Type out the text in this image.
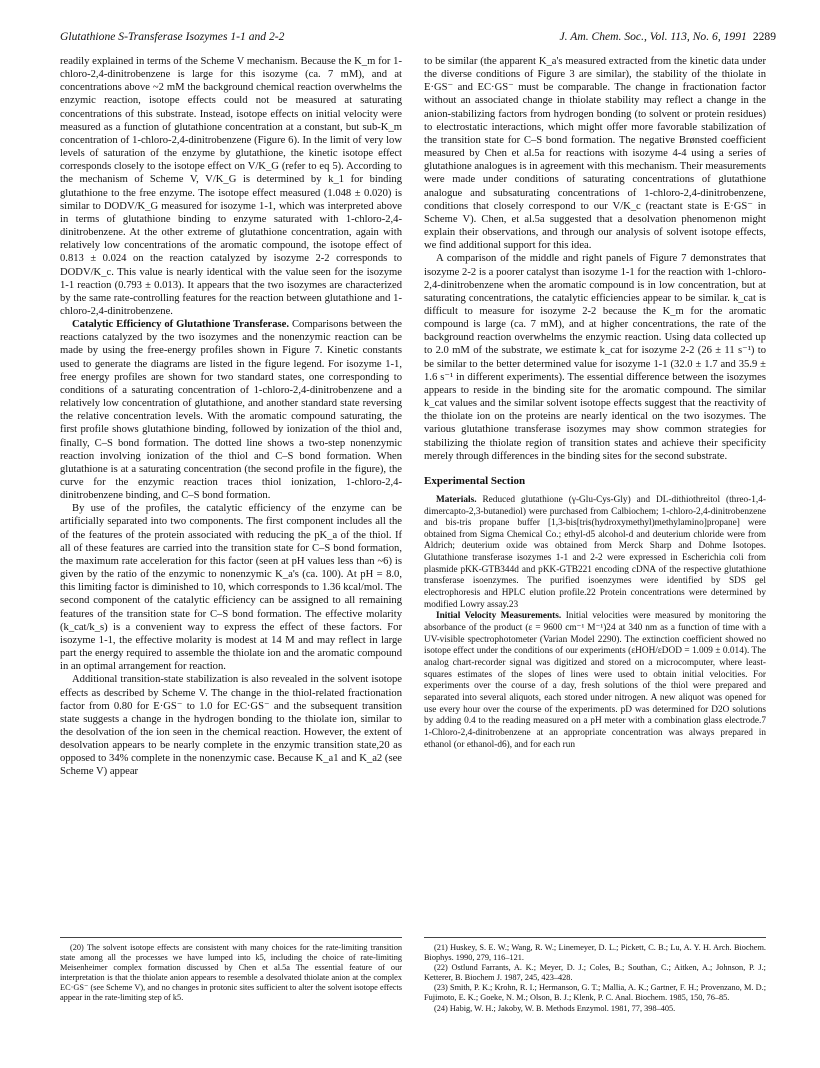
Glutathione S-Transferase Isozymes 1-1 and 2-2	J. Am. Chem. Soc., Vol. 113, No. 6, 1991 2289

readily explained in terms of the Scheme V mechanism. Because the K_m for 1-chloro-2,4-dinitrobenzene is large for this isozyme (ca. 7 mM), and at concentrations above ~2 mM the background chemical reaction overwhelms the enzymic reaction, isotope effects could not be measured at saturating concentrations of this substrate. Instead, isotope effects on initial velocity were measured as a function of glutathione concentration at a constant, but sub-K_m concentration of 1-chloro-2,4-dinitrobenzene (Figure 6). In the limit of very low levels of saturation of the enzyme by glutathione, the kinetic isotope effect corresponds closely to the isotope effect on V/K_G (refer to eq 5). According to the mechanism of Scheme V, V/K_G is determined by k_1 for binding glutathione to the free enzyme. The isotope effect measured (1.048 ± 0.020) is similar to DODV/K_G measured for isozyme 1-1, which was interpreted above in terms of glutathione binding to enzyme saturated with 1-chloro-2,4-dinitrobenzene. At the other extreme of glutathione concentration, again with relatively low concentrations of the aromatic compound, the isotope effect of 0.813 ± 0.024 on the reaction catalyzed by isozyme 2-2 corresponds to DODV/K_c. This value is nearly identical with the value seen for the isozyme 1-1 reaction (0.793 ± 0.013). It appears that the two isozymes are characterized by the same rate-controlling features for the reaction between glutathione and 1-chloro-2,4-dinitrobenzene.

Catalytic Efficiency of Glutathione Transferase. Comparisons between the reactions catalyzed by the two isozymes and the nonenzymic reaction can be made by using the free-energy profiles shown in Figure 7. Kinetic constants used to generate the diagrams are listed in the figure legend. For isozyme 1-1, free energy profiles are shown for two standard states, one corresponding to conditions of a saturating concentration of 1-chloro-2,4-dinitrobenzene and a relatively low concentration of glutathione, and another standard state reversing the relative concentration levels. With the aromatic compound saturating, the first profile shows glutathione binding, followed by ionization of the thiol and, finally, C–S bond formation. The dotted line shows a two-step nonenzymic reaction involving ionization of the thiol and C–S bond formation. When glutathione is at a saturating concentration (the second profile in the figure), the curve for the enzymic reaction traces thiol ionization, 1-chloro-2,4-dinitrobenzene binding, and C–S bond formation.

By use of the profiles, the catalytic efficiency of the enzyme can be artificially separated into two components. The first component includes all the of the features of the protein associated with reducing the pK_a of the thiol. If all of these features are carried into the transition state for C–S bond formation, the maximum rate acceleration for this factor (seen at pH values less than ~6) is given by the ratio of the enzymic to nonenzymic K_a's (ca. 100). At pH = 8.0, this limiting factor is diminished to 10, which corresponds to 1.36 kcal/mol. The second component of the catalytic efficiency can be assigned to all remaining features of the transition state for C–S bond formation. The effective molarity (k_cat/k_s) is a convenient way to express the effect of these factors. For isozyme 1-1, the effective molarity is modest at 14 M and may reflect in large part the energy required to assemble the thiolate ion and the aromatic compound in an optimal arrangement for reaction.

Additional transition-state stabilization is also revealed in the solvent isotope effects as described by Scheme V. The change in the thiol-related fractionation factor from 0.80 for E·GS⁻ to 1.0 for EC·GS⁻ and the subsequent transition state suggests a change in the hydrogen bonding to the thiolate ion, similar to the desolvation of the ion seen in the chemical reaction. However, the extent of desolvation appears to be nearly complete in the enzymic transition state,20 as opposed to 34% complete in the nonenzymic case. Because K_a1 and K_a2 (see Scheme V) appear

to be similar (the apparent K_a's measured extracted from the kinetic data under the diverse conditions of Figure 3 are similar), the stability of the thiolate in E·GS⁻ and EC·GS⁻ must be comparable. The change in fractionation factor without an associated change in thiolate stability may reflect a change in the anion-stabilizing factors from hydrogen bonding (to solvent or protein residues) to electrostatic interactions, which might offer more favorable stabilization of the transition state for C–S bond formation. The negative Brønsted coefficient measured by Chen et al.5a for reactions with isozyme 4-4 using a series of glutathione analogues is in agreement with this mechanism. Their measurements were made under conditions of saturating concentrations of glutathione analogue and subsaturating concentrations of 1-chloro-2,4-dinitrobenzene, conditions that closely correspond to our V/K_c (reactant state is E·GS⁻ in Scheme V). Chen, et al.5a suggested that a desolvation phenomenon might explain their observations, and through our analysis of solvent isotope effects, we find additional support for this idea.

A comparison of the middle and right panels of Figure 7 demonstrates that isozyme 2-2 is a poorer catalyst than isozyme 1-1 for the reaction with 1-chloro-2,4-dinitrobenzene when the aromatic compound is in low concentration, but at saturating concentrations, the catalytic efficiencies appear to be similar. k_cat is difficult to measure for isozyme 2-2 because the K_m for the aromatic compound is large (ca. 7 mM), and at higher concentrations, the rate of the background reaction overwhelms the enzymic reaction. Using data collected up to 2.0 mM of the substrate, we estimate k_cat for isozyme 2-2 (26 ± 11 s⁻¹) to be similar to the better determined value for isozyme 1-1 (32.0 ± 1.7 and 35.9 ± 1.6 s⁻¹ in different experiments). The essential difference between the isozymes appears to reside in the binding site for the aromatic compound. The similar k_cat values and the similar solvent isotope effects suggest that the reactivity of the thiolate ion on the proteins are nearly identical on the two isozymes. The various glutathione transferase isozymes may show common strategies for stabilizing the thiolate region of transition states and achieve their specificity merely through differences in the binding sites for the second substrate.

Experimental Section

Materials. Reduced glutathione (γ-Glu-Cys-Gly) and DL-dithiothreitol (threo-1,4-dimercapto-2,3-butanediol) were purchased from Calbiochem; 1-chloro-2,4-dinitrobenzene and bis-tris propane buffer [1,3-bis[tris(hydroxymethyl)methylamino]propane] were obtained from Sigma Chemical Co.; ethyl-d5 alcohol-d and deuterium chloride were from Aldrich; deuterium oxide was obtained from Merck Sharp and Dohme Isotopes. Glutathione transferase isozymes 1-1 and 2-2 were expressed in Escherichia coli from plasmide pKK-GTB344d and pKK-GTB221 encoding cDNA of the respective glutathione transferase isoenzymes. The purified isoenzymes were identified by SDS gel electrophoresis and HPLC elution profile.22 Protein concentrations were determined by modified Lowry assay.23

Initial Velocity Measurements. Initial velocities were measured by monitoring the absorbance of the product (ε = 9600 cm⁻¹ M⁻¹)24 at 340 nm as a function of time with a UV-visible spectrophotometer (Varian Model 2290). The extinction coefficient showed no isotope effect under the conditions of our experiments (εHOH/εDOD = 1.009 ± 0.014). The analog chart-recorder signal was digitized and stored on a microcomputer, where least-squares estimates of the slopes of lines were used to obtain initial velocities. For experiments over the course of a day, fresh solutions of the thiol were prepared and separated into several aliquots, each stored under nitrogen. A new aliquot was opened for use every hour over the course of the experiments. pD was determined for D2O solutions by adding 0.4 to the reading measured on a pH meter with a combination glass electrode.7 1-Chloro-2,4-dinitrobenzene at an appropriate concentration was always prepared in ethanol (or ethanol-d6), and for each run

(20) The solvent isotope effects are consistent with many choices for the rate-limiting transition state among all the processes we have lumped into k5, including the choice of rate-limiting Meisenheimer complex formation discussed by Chen et al.5a The essential feature of our interpretation is that the thiolate anion appears to resemble a desolvated thiolate anion at the complex EC·GS⁻ (see Scheme V), and no changes in protonic sites sufficient to alter the solvent isotope effects appear in the rate-limiting step of k5.

(21) Huskey, S. E. W.; Wang, R. W.; Linemeyer, D. L.; Pickett, C. B.; Lu, A. Y. H. Arch. Biochem. Biophys. 1990, 279, 116–121.

(22) Ostlund Farrants, A. K.; Meyer, D. J.; Coles, B.; Southan, C.; Aitken, A.; Johnson, P. J.; Ketterer, B. Biochem J. 1987, 245, 423–428.

(23) Smith, P. K.; Krohn, R. I.; Hermanson, G. T.; Mallia, A. K.; Gartner, F. H.; Provenzano, M. D.; Fujimoto, E. K.; Goeke, N. M.; Olson, B. J.; Klenk, P. C. Anal. Biochem. 1985, 150, 76–85.

(24) Habig, W. H.; Jakoby, W. B. Methods Enzymol. 1981, 77, 398–405.
